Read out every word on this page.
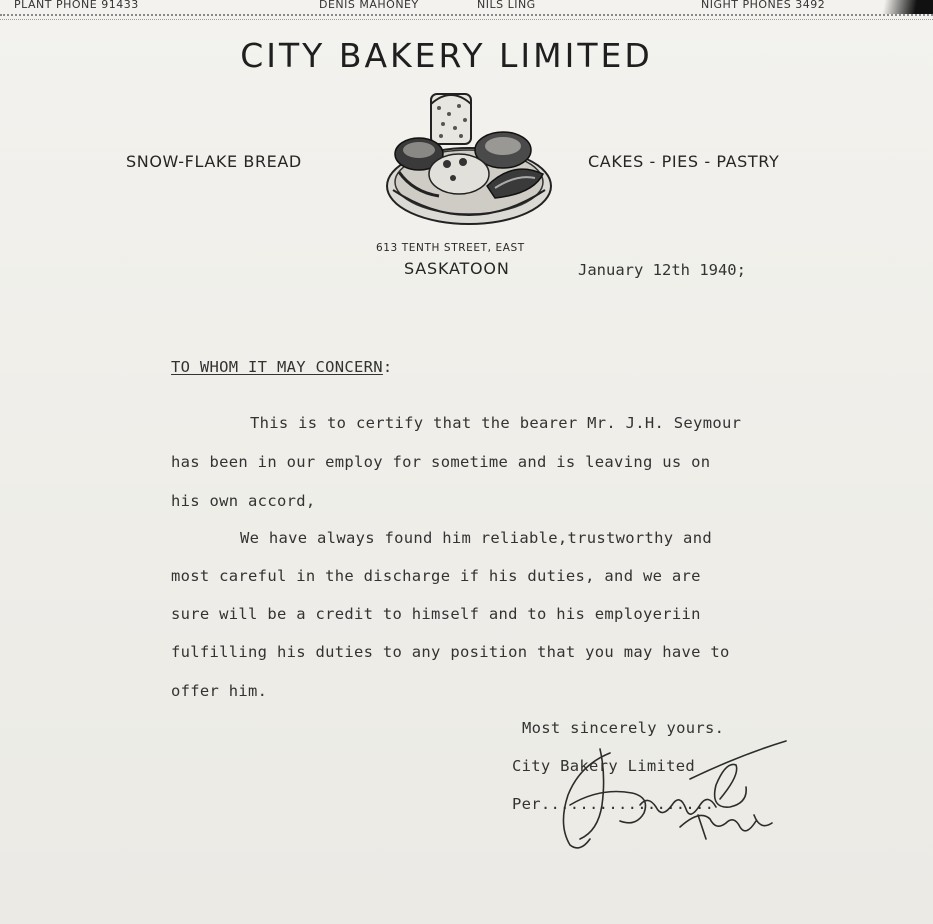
PLANT PHONE 91433	DENIS MAHONEY	NILS LING	NIGHT PHONES 3492
CITY BAKERY LIMITED
SNOW-FLAKE BREAD	CAKES - PIES - PASTRY
613 TENTH STREET, EAST
SASKATOON	January 12th 1940;
TO WHOM IT MAY CONCERN:
This is to certify that the bearer Mr. J.H. Seymour
has been in our employ for sometime and is leaving us on
his own accord,
We have always found him reliable,trustworthy and
most careful in the discharge if his duties, and we are
sure will be a credit to himself and to his employeriin
fulfilling his duties to any position that you may have to
offer him.
Most sincerely yours.
City Bakery Limited
Per..................
